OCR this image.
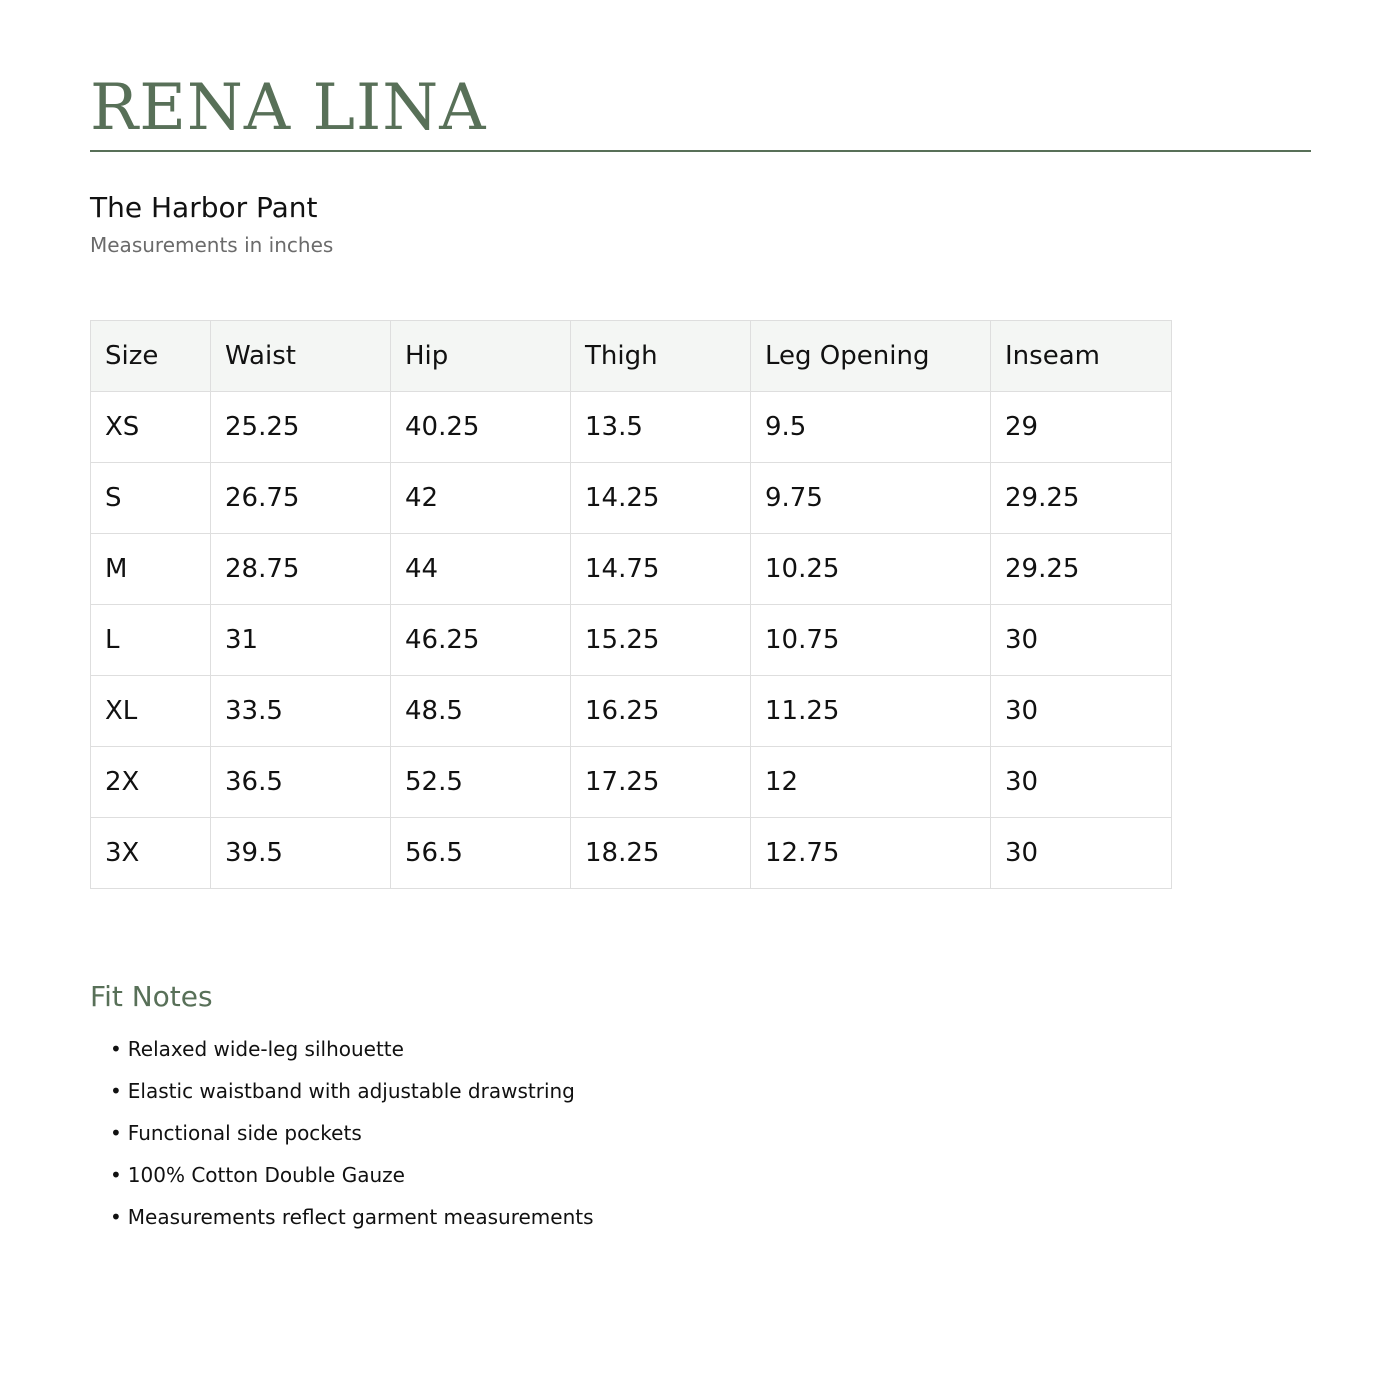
RENA LINA
The Harbor Pant

Measurements in inches

Size	Waist	Hip	Thigh	Leg Opening	Inseam
XS	25.25	40.25	13.5	9.5	29
S	26.75	42	14.25	9.75	29.25
M	28.75	44	14.75	10.25	29.25
L	31	46.25	15.25	10.75	30
XL	33.5	48.5	16.25	11.25	30
2X	36.5	52.5	17.25	12	30
3X	39.5	56.5	18.25	12.75	30
Fit Notes
• Relaxed wide-leg silhouette
• Elastic waistband with adjustable drawstring
• Functional side pockets
• 100% Cotton Double Gauze
• Measurements reflect garment measurements
